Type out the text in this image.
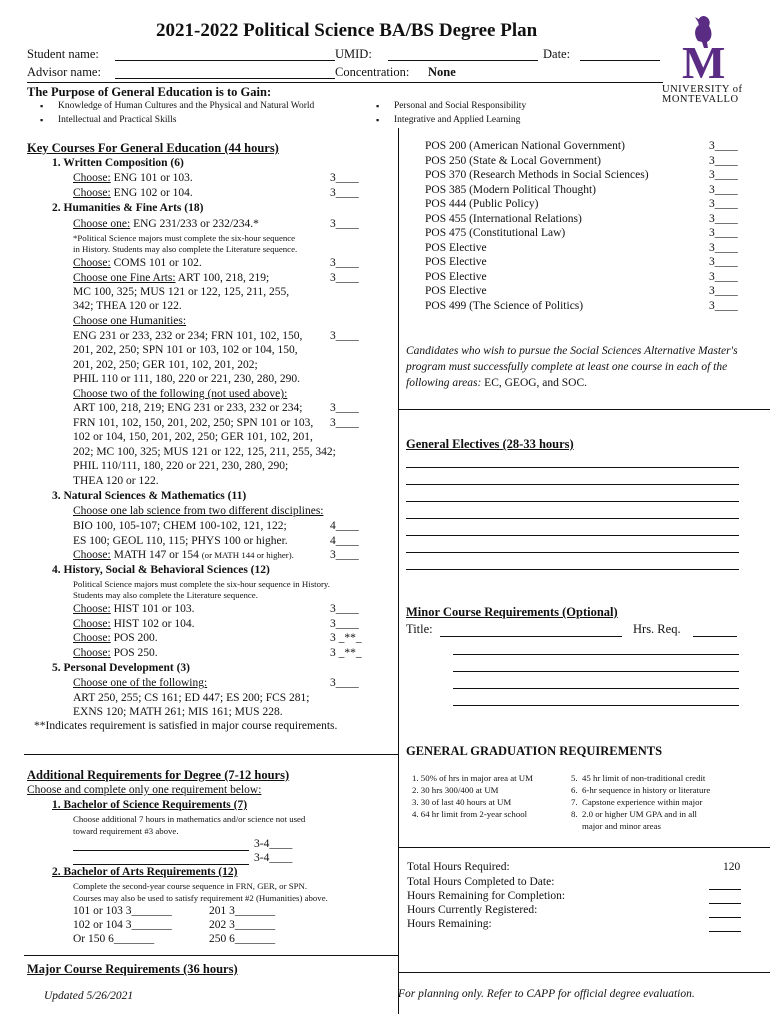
2021-2022 Political Science BA/BS Degree Plan
M
UNIVERSITY of
MONTEVALLO
Student name:	UMID:	Date:
Advisor name:	Concentration: None
The Purpose of General Education is to Gain:
▪ Knowledge of Human Cultures and the Physical and Natural World
▪ Intellectual and Practical Skills
▪ Personal and Social Responsibility
▪ Integrative and Applied Learning
Key Courses For General Education (44 hours)
1. Written Composition (6)
Choose: ENG 101 or 103.	3____
Choose: ENG 102 or 104.	3____
2. Humanities & Fine Arts (18)
Choose one: ENG 231/233 or 232/234.*	3____
*Political Science majors must complete the six-hour sequence
in History. Students may also complete the Literature sequence.
Choose: COMS 101 or 102.	3____
Choose one Fine Arts: ART 100, 218, 219;	3____
MC 100, 325; MUS 121 or 122, 125, 211, 255,
342; THEA 120 or 122.
Choose one Humanities:
ENG 231 or 233, 232 or 234; FRN 101, 102, 150, 3____
201, 202, 250; SPN 101 or 103, 102 or 104, 150,
201, 202, 250; GER 101, 102, 201, 202;
PHIL 110 or 111, 180, 220 or 221, 230, 280, 290.
Choose two of the following (not used above):
ART 100, 218, 219; ENG 231 or 233, 232 or 234; 3____
FRN 101, 102, 150, 201, 202, 250; SPN 101 or 103, 3____
102 or 104, 150, 201, 202, 250; GER 101, 102, 201,
202; MC 100, 325; MUS 121 or 122, 125, 211, 255, 342;
PHIL 110/111, 180, 220 or 221, 230, 280, 290;
THEA 120 or 122.
3. Natural Sciences & Mathematics (11)
Choose one lab science from two different disciplines:
BIO 100, 105-107; CHEM 100-102, 121, 122;	4____
ES 100; GEOL 110, 115; PHYS 100 or higher.	4____
Choose: MATH 147 or 154 (or MATH 144 or higher).	3____
4. History, Social & Behavioral Sciences (12)
Political Science majors must complete the six-hour sequence in History.
Students may also complete the Literature sequence.
Choose: HIST 101 or 103.	3____
Choose: HIST 102 or 104.	3____
Choose: POS 200.	3 _**_
Choose: POS 250.	3 _**_
5. Personal Development (3)
Choose one of the following:	3____
ART 250, 255; CS 161; ED 447; ES 200; FCS 281;
EXNS 120; MATH 261; MIS 161; MUS 228.
**Indicates requirement is satisfied in major course requirements.
Additional Requirements for Degree (7-12 hours)
Choose and complete only one requirement below:
1. Bachelor of Science Requirements (7)
Choose additional 7 hours in mathematics and/or science not used
toward requirement #3 above.
3-4____
3-4____
2. Bachelor of Arts Requirements (12)
Complete the second-year course sequence in FRN, GER, or SPN.
Courses may also be used to satisfy requirement #2 (Humanities) above.
101 or 103 3_______	201 3_______
102 or 104 3_______	202 3_______
Or 150 6_______	250 6_______
Major Course Requirements (36 hours)
Updated 5/26/2021
POS 200 (American National Government)	3____
POS 250 (State & Local Government)	3____
POS 370 (Research Methods in Social Sciences)	3____
POS 385 (Modern Political Thought)	3____
POS 444 (Public Policy)	3____
POS 455 (International Relations)	3____
POS 475 (Constitutional Law)	3____
POS Elective	3____
POS Elective	3____
POS Elective	3____
POS Elective	3____
POS 499 (The Science of Politics)	3____
Candidates who wish to pursue the Social Sciences Alternative Master's
program must successfully complete at least one course in each of the
following areas: EC, GEOG, and SOC.
General Electives (28-33 hours)
Minor Course Requirements (Optional)
Title:	Hrs. Req.
GENERAL GRADUATION REQUIREMENTS
1. 50% of hrs in major area at UM
2. 30 hrs 300/400 at UM
3. 30 of last 40 hours at UM
4. 64 hr limit from 2-year school
5.  45 hr limit of non-traditional credit
6.  6-hr sequence in history or literature
7.  Capstone experience within major
8.  2.0 or higher UM GPA and in all
major and minor areas
Total Hours Required:	120
Total Hours Completed to Date:
Hours Remaining for Completion:
Hours Currently Registered:
Hours Remaining:
For planning only. Refer to CAPP for official degree evaluation.
